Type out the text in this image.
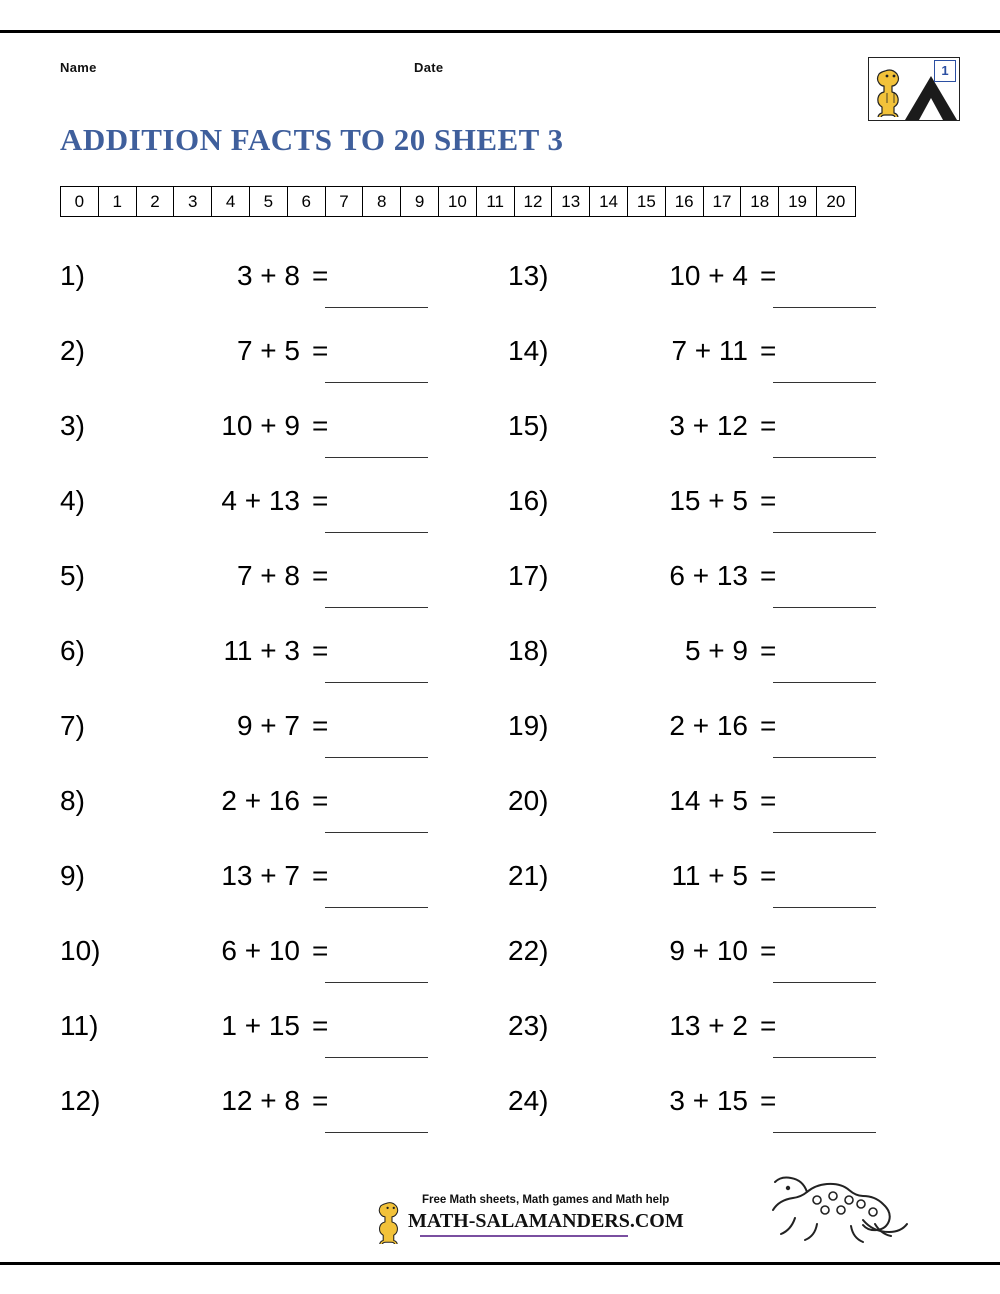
Name	Date	1
ADDITION FACTS TO 20 SHEET 3
0	1	2	3	4	5	6	7	8	9	10	11	12	13	14	15	16	17	18	19	20
1)	3 + 8 =
2)	7 + 5 =
3)	10 + 9 =
4)	4 + 13 =
5)	7 + 8 =
6)	11 + 3 =
7)	9 + 7 =
8)	2 + 16 =
9)	13 + 7 =
10)	6 + 10 =
11)	1 + 15 =
12)	12 + 8 =
13)	10 + 4 =
14)	7 + 11 =
15)	3 + 12 =
16)	15 + 5 =
17)	6 + 13 =
18)	5 + 9 =
19)	2 + 16 =
20)	14 + 5 =
21)	11 + 5 =
22)	9 + 10 =
23)	13 + 2 =
24)	3 + 15 =
Free Math sheets, Math games and Math help
MATH-SALAMANDERS.COM
